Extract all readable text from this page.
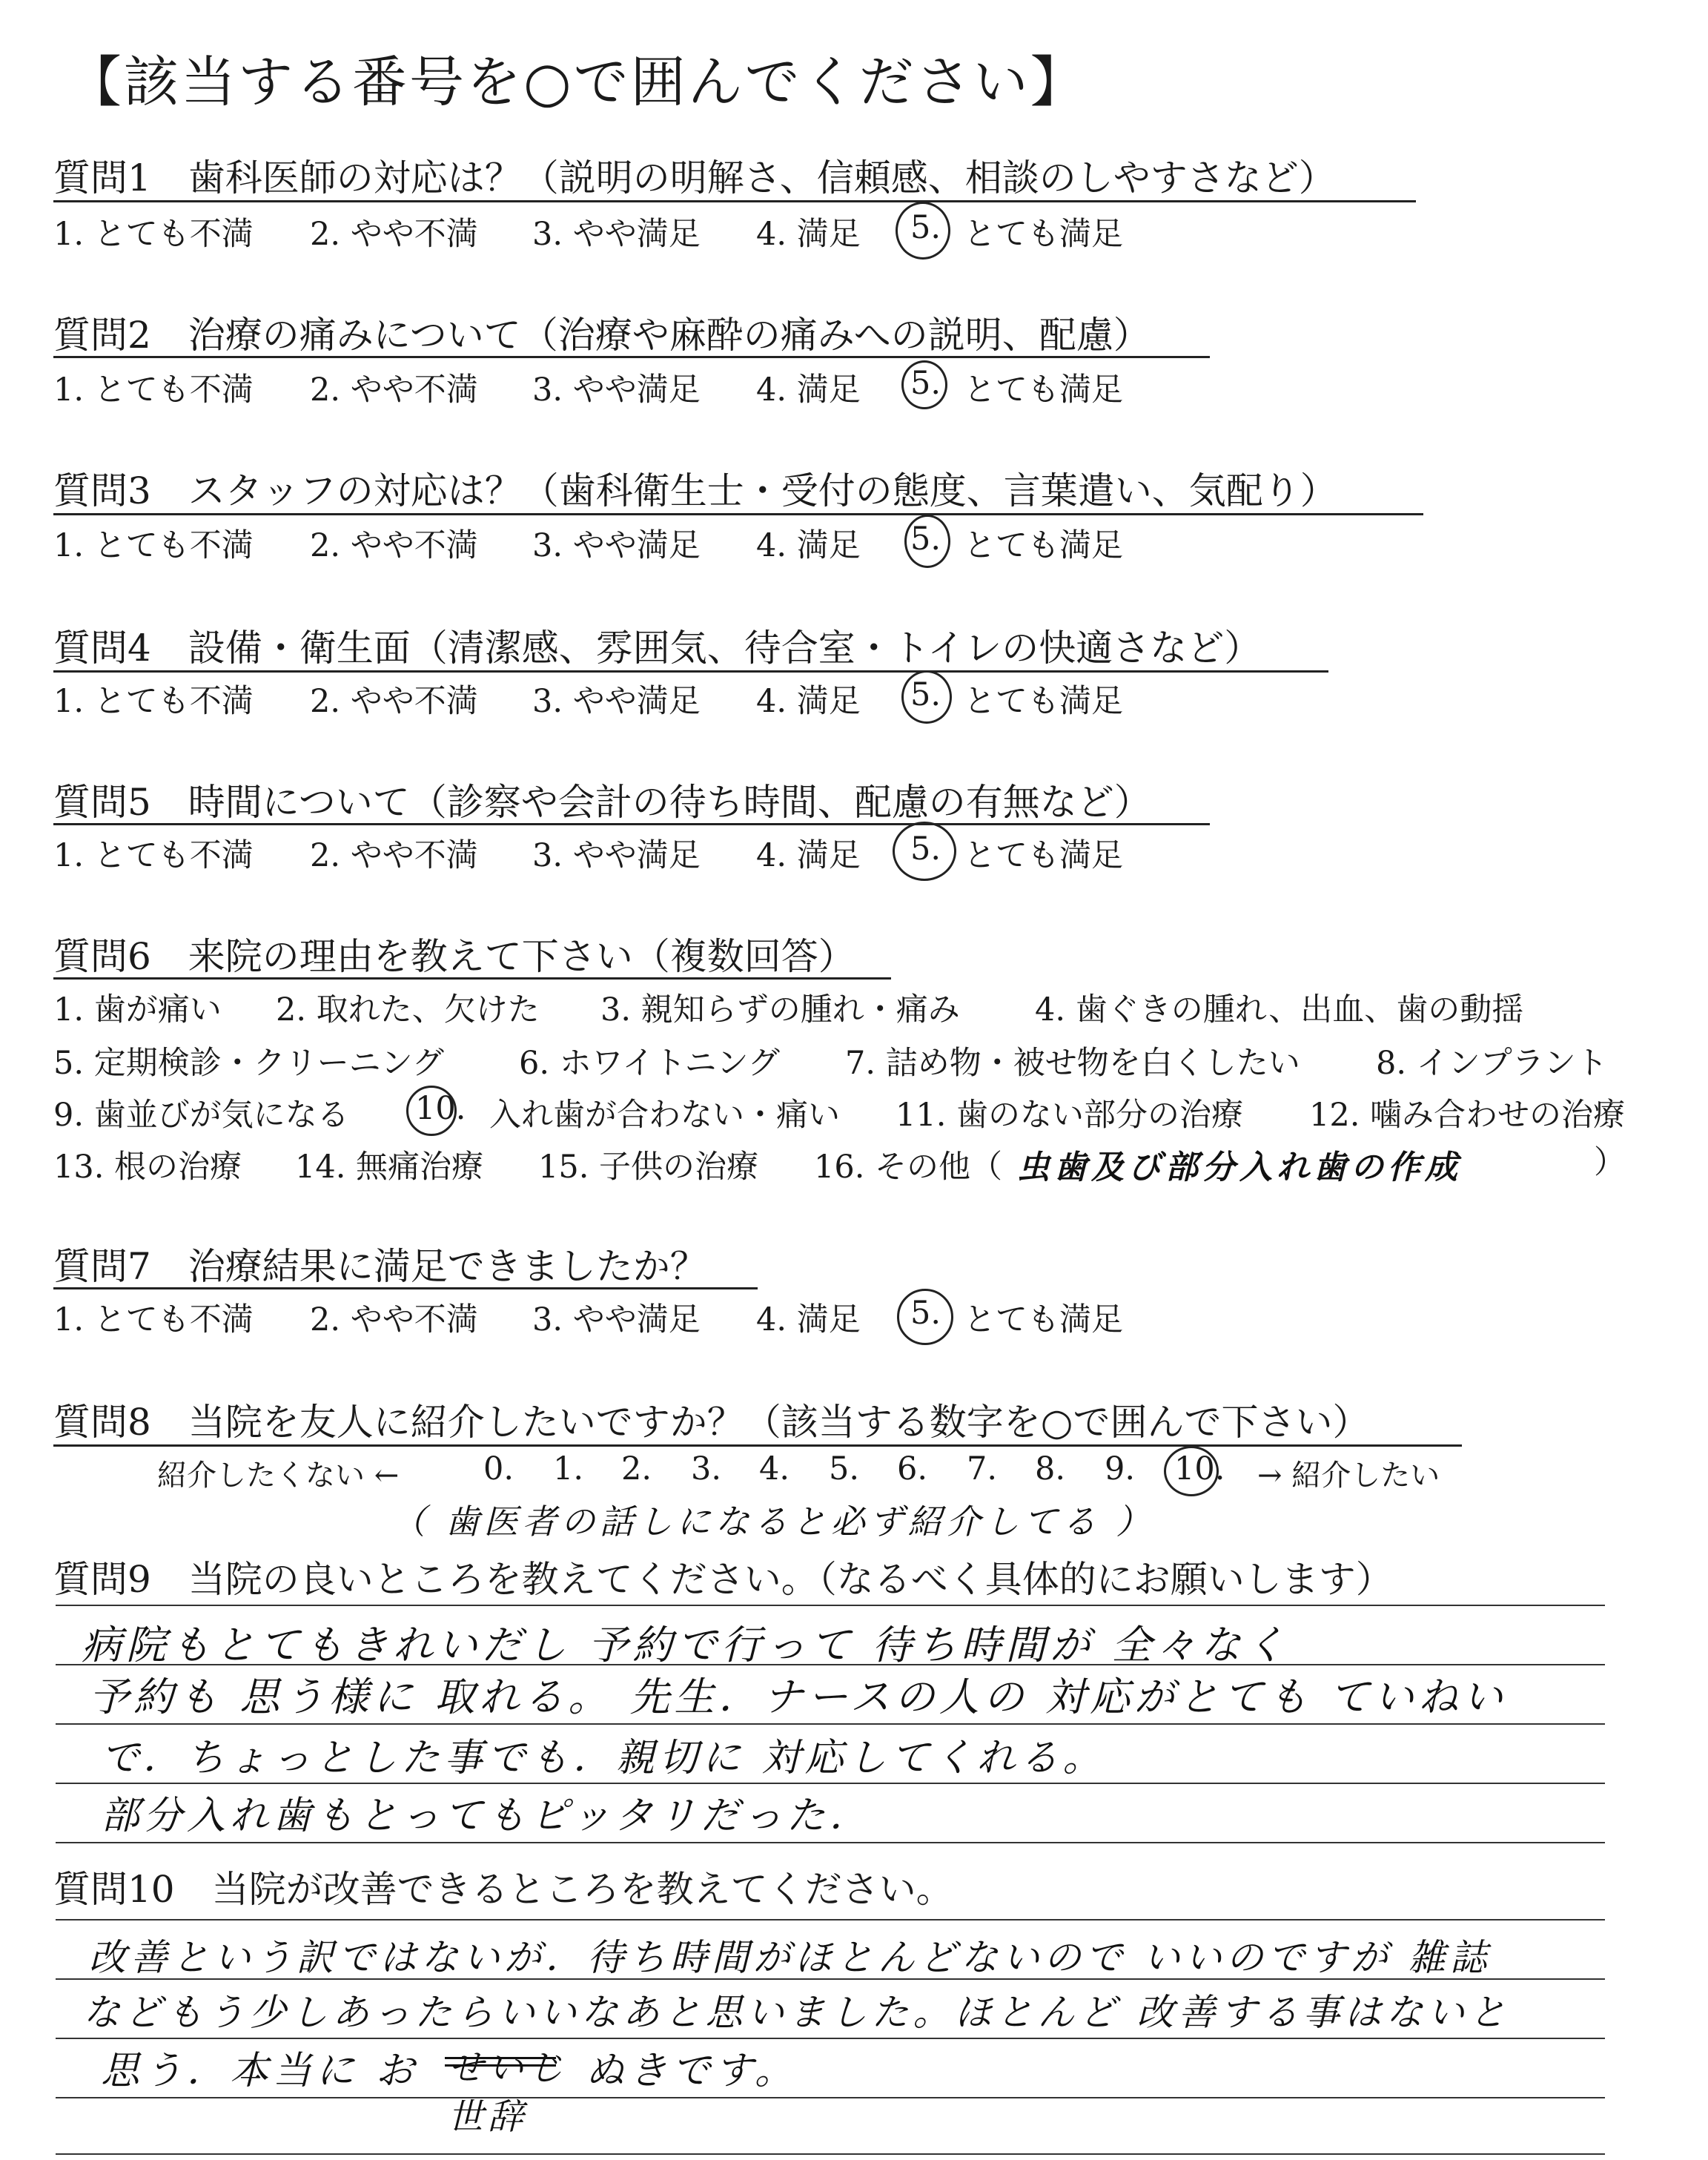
【該当する番号を○で囲んでください】
質問1　歯科医師の対応は？（説明の明解さ、信頼感、相談のしやすさなど）
1. とても不満 2. やや不満 3. やや満足 4. 満足 5. とても満足
質問2　治療の痛みについて（治療や麻酔の痛みへの説明、配慮）
1. とても不満 2. やや不満 3. やや満足 4. 満足 5. とても満足
質問3　スタッフの対応は？（歯科衛生士・受付の態度、言葉遣い、気配り）
1. とても不満 2. やや不満 3. やや満足 4. 満足 5. とても満足
質問4　設備・衛生面（清潔感、雰囲気、待合室・トイレの快適さなど）
1. とても不満 2. やや不満 3. やや満足 4. 満足 5. とても満足
質問5　時間について（診察や会計の待ち時間、配慮の有無など）
1. とても不満 2. やや不満 3. やや満足 4. 満足 5. とても満足
質問6　来院の理由を教えて下さい（複数回答）
1. 歯が痛い 2. 取れた、欠けた 3. 親知らずの腫れ・痛み 4. 歯ぐきの腫れ、出血、歯の動揺
5. 定期検診・クリーニング 6. ホワイトニング 7. 詰め物・被せ物を白くしたい 8. インプラント
9. 歯並びが気になる 10. 入れ歯が合わない・痛い 11. 歯のない部分の治療 12. 噛み合わせの治療
13. 根の治療 14. 無痛治療 15. 子供の治療 16. その他（ 虫歯及び部分入れ歯の作成	）
質問7　治療結果に満足できましたか？
1. とても不満 2. やや不満 3. やや満足 4. 満足 5. とても満足
質問8　当院を友人に紹介したいですか？（該当する数字を○で囲んで下さい）
紹介したくない ←	0. 1. 2. 3. 4. 5. 6. 7. 8. 9. 10. → 紹介したい
（ 歯医者の話しになると必ず紹介してる ）
質問9　当院の良いところを教えてください。（なるべく具体的にお願いします）
病院もとてもきれいだし 予約で行って 待ち時間が 全々なく
予約も 思う様に 取れる。 先生．ナースの人の 対応がとても ていねい
で．ちょっとした事でも．親切に 対応してくれる。
部分入れ歯もとってもピッタリだった．
質問10　当院が改善できるところを教えてください。
改善という訳ではないが．待ち時間がほとんどないので いいのですが 雑誌
などもう少しあったらいいなあと思いました。ほとんど 改善する事はないと
思う．本当に お せいじ ぬきです。
世辞
